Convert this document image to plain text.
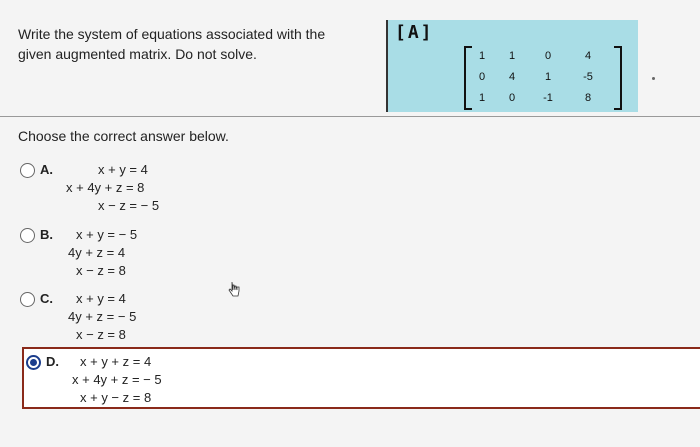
Write the system of equations associated with the
given augmented matrix. Do not solve.
[A]
1	1	0	4
0	4	1	-5
1	0	-1	8
Choose the correct answer below.
A.	x + y = 4
x + 4y + z = 8
x − z = − 5
B. x + y = − 5
4y + z = 4
x − z = 8
C. x + y = 4
4y + z = − 5
x − z = 8
D. x + y + z = 4
x + 4y + z = − 5
x + y − z = 8
